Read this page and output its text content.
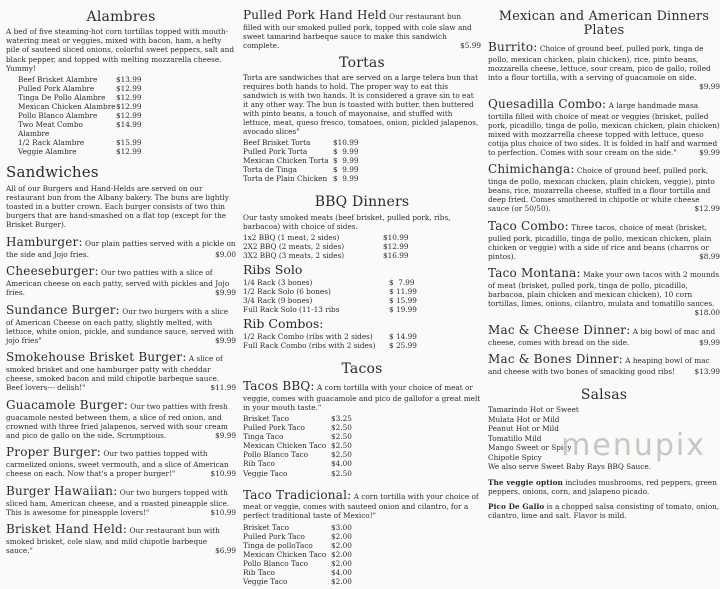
Alambres
A bed of five steaming-hot corn tortillas topped with mouth-watering meat or veggies, mixed with bacon, ham, a hefty pile of sauteed sliced onions, colorful sweet peppers, salt and black pepper, and topped with melting mozzarella cheese. Yummy!
Beef Brisket Alambre	$13.99
Pulled Pork Alambre	$12.99
Tinga De Pollo Alambre	$12.99
Mexican Chicken Alambre $12.99
Pollo Blanco Alambre	$12.99
Two Meat Combo Alambre
$14.99
1/2 Rack Alambre	$15.99
Veggie Alambre	$12.99
Sandwiches
All of our Burgers and Hand-Helds are served on our restaurant bun from the Albany bakery. The buns are lightly toasted in a butter crown. Each burger consists of two thin burgers that are hand-smashed on a flat top (except for the Brisket Burger).
Hamburger: Our plain patties served with a pickle on the side and Jojo fries.	$9.00
Cheeseburger: Our two patties with a slice of American cheese on each patty, served with pickles and Jojo fries.	$9.99
Sundance Burger: Our two burgers with a slice of American Cheese on each patty, slightly melted, with lettuce, white onion, pickle, and sundance sauce, served with jojo fries"	$9.99
Smokehouse Brisket Burger: A slice of smoked brisket and one hamburger patty with cheddar cheese, smoked bacon and mild chipotle barbeque sauce. Beef lovers--- delish!"	$11.99
Guacamole Burger: Our two patties with fresh guacamole nested between them, a slice of red onion, and crowned with three fried jalapenos, served with sour cream and pico de gallo on the side. Scrumptious.	$9.99
Proper Burger: Our two patties topped with carmelized onions, sweet vermouth, and a slice of American cheese on each. Now that's a proper burger!"	$10.99
Burger Hawaiian: Our two burgers topped with sliced ham, American cheese, and a roasted pineapple slice. This is awesome for pineapple lovers!"	$10.99
Brisket Hand Held: Our restaurant bun with smoked brisket, cole slaw, and mild chipotle barbeque sauce."	$6.99
Pulled Pork Hand Held Our restaurant bun filled with our smoked pulled pork, topped with cole slaw and sweet tamarind barbeque sauce to make this sandwich complete.	$5.99
Tortas
Torta are sandwiches that are served on a large telera bun that requires both hands to hold. The proper way to eat this sandwich is with two hands. It is considered a grave sin to eat it any other way. The bun is toasted with butter, then buttered with pinto beans, a touch of mayonaise, and stuffed with lettuce, meat, queso fresco, tomatoes, onion, pickled jalapenos, avocado slices"
Beef Brisket Torta	$10.99
Pulled Pork Torta	$  9.99
Mexican Chicken Torta $  9.99
Torta de Tinga	$  9.99
Torta de Plain Chicken $  9.99
BBQ Dinners
Our tasty smoked meats (beef brisket, pulled pork, ribs, barbacoa) with choice of sides.
1x2 BBQ (1 meat, 2 sides)	$10.99
2X2 BBQ (2 meats, 2 sides)	$12.99
3X2 BBQ (3 meats, 2 sides)	$16.99
Ribs Solo
1/4 Rack (3 bones)	$  7.99
1/2 Rack Solo (6 bones)	$ 11.99
3/4 Rack (9 bones)	$ 15.99
Full Rack Solo (11-13 ribs	$ 19.99
Rib Combos:
1/2 Rack Combo (ribs with 2 sides)	$ 14.99
Full Rack Combo (ribs with 2 sides)	$ 25.99
Tacos
Tacos BBQ: A corn tortilla with your choice of meat or veggie, comes with guacamole and pico de gallofor a great melt in your mouth taste."
Brisket Taco	$3.25
Pulled Pork Taco	$2.50
Tinga Taco	$2.50
Mexican Chicken Taco $2.50
Pollo Blanco Taco	$2.50
Rib Taco	$4.00
Veggie Taco	$2.50
Taco Tradicional: A corn tortilla with your choice of meat or veggie, comes with sauteed onion and cilantro, for a perfect traditional taste of Mexico!"
Brisket Taco	$3.00
Pulled Pork Taco	$2.00
Tinga de polloTaco	$2.00
Mexican Chicken Taco $2.00
Pollo Blanco Taco	$2.00
Rib Taco	$4.00
Veggie Taco	$2.00
Mexican and American Dinners Plates
Burrito: Choice of ground beef, pulled pork, tinga de pollo, mexican chicken, plain chicken), rice, pinto beans, mozzarella cheese, lettuce, sour cream, pico de gallo, rolled into a flour tortilla, with a serving of guacamole on side.
$9.99
Quesadilla Combo: A large handmade masa tortilla filled with choice of meat or veggies (brisket, pulled pork, picadillo, tinga de pollo, mexican chicken, plain chicken) mixed with mozzarrella cheese topped with lettuce, queso cotija plus choice of two sides. It is folded in half and warmed to perfection. Comes with sour cream on the side."	$9.99
Chimichanga: Choice of ground beef, pulled pork, tinga de pollo, mexican chicken, plain chicken, veggie), pinto beans, rice, mozarrella cheese, stuffed in a flour tortilla and deep fried. Comes smothered in chipotle or white cheese sauce (or 50/50).	$12.99
Taco Combo: Three tacos, choice of meat (brisket, pulled pork, picadillo, tinga de pollo, mexican chicken, plain chicken or veggie) with a side of rice and beans (charros or pintos).	$8.99
Taco Montana: Make your own tacos with 2 mounds of meat (brisket, pulled pork, tinga de pollo, picadillo, barbacoa, plain chicken and mexican chicken), 10 corn tortillas, limes, onions, cilantro, mulata and tomatillo sauces.
$18.00
Mac & Cheese Dinner: A big bowl of mac and cheese, comes with bread on the side.	$9.99
Mac & Bones Dinner: A heaping bowl of mac and cheese with two bones of smacking good ribs!	$13.99
Salsas
Tamarindo Hot or Sweet
Mulata Hot or Mild
Peanut Hot or Mild
Tomatillo Mild
Mango Sweet or Spicy
Chipotle Spicy
We also serve Sweet Baby Rays BBQ Sauce.
The veggie option includes mushrooms, red peppers, green peppers, onions, corn, and jalapeno picado.
Pico De Gallo is a chopped salsa consisting of tomato, onion, cilantro, lime and salt. Flavor is mild.
menupix
